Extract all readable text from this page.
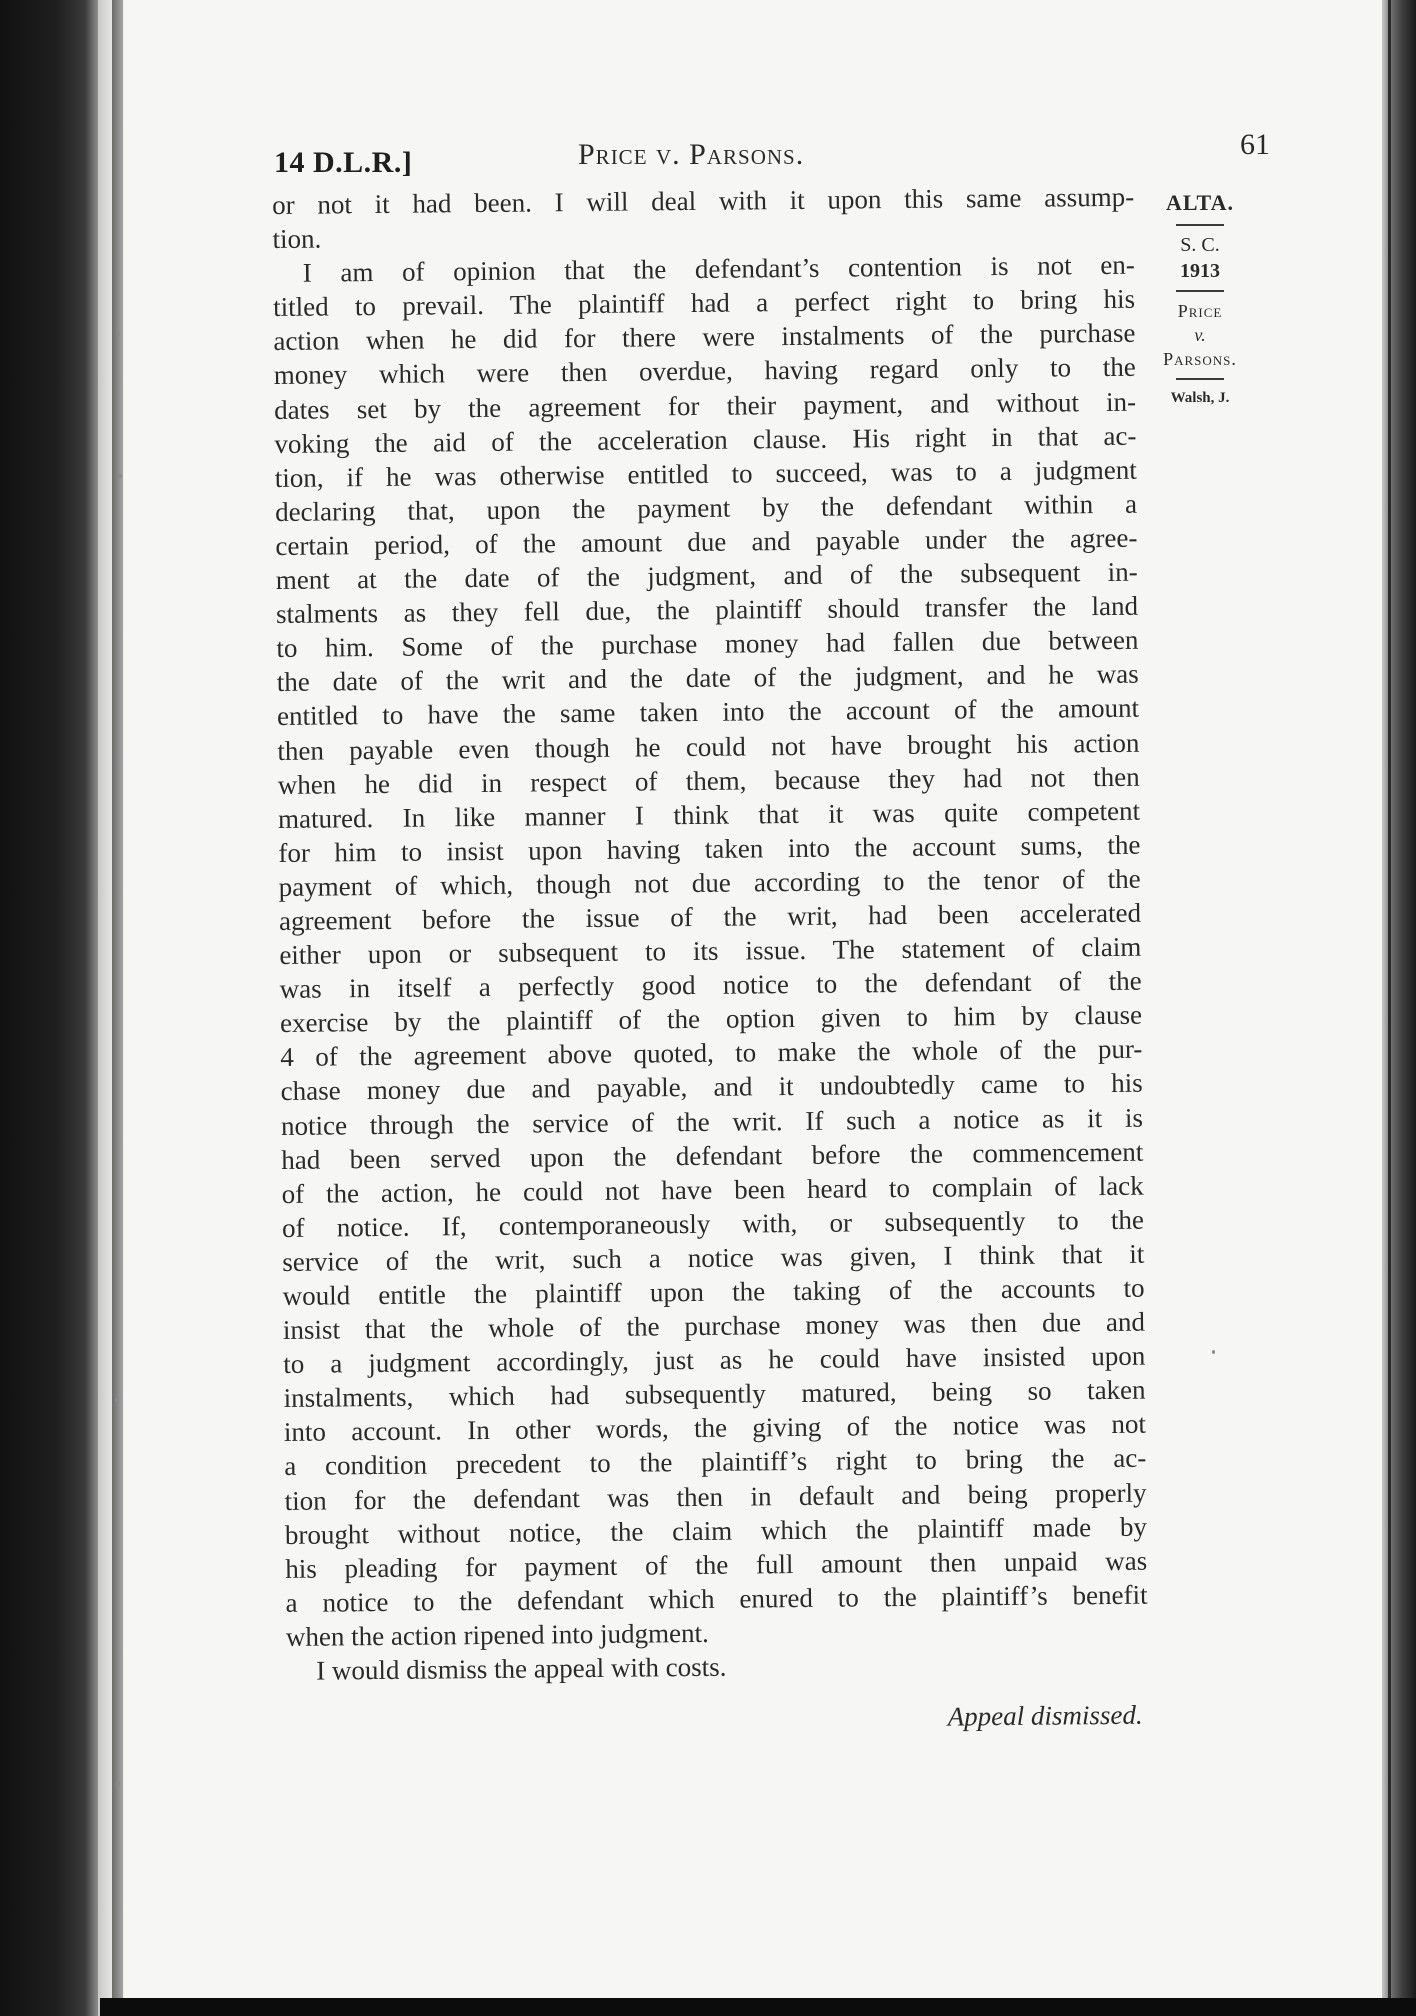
14 D.L.R.]	Price v. Parsons.	61
or not it had been. I will deal with it upon this same assump-
tion.
I am of opinion that the defendant’s contention is not en-
titled to prevail. The plaintiff had a perfect right to bring his
action when he did for there were instalments of the purchase
money which were then overdue, having regard only to the
dates set by the agreement for their payment, and without in-
voking the aid of the acceleration clause. His right in that ac-
tion, if he was otherwise entitled to succeed, was to a judgment
declaring that, upon the payment by the defendant within a
certain period, of the amount due and payable under the agree-
ment at the date of the judgment, and of the subsequent in-
stalments as they fell due, the plaintiff should transfer the land
to him. Some of the purchase money had fallen due between
the date of the writ and the date of the judgment, and he was
entitled to have the same taken into the account of the amount
then payable even though he could not have brought his action
when he did in respect of them, because they had not then
matured. In like manner I think that it was quite competent
for him to insist upon having taken into the account sums, the
payment of which, though not due according to the tenor of the
agreement before the issue of the writ, had been accelerated
either upon or subsequent to its issue. The statement of claim
was in itself a perfectly good notice to the defendant of the
exercise by the plaintiff of the option given to him by clause
4 of the agreement above quoted, to make the whole of the pur-
chase money due and payable, and it undoubtedly came to his
notice through the service of the writ. If such a notice as it is
had been served upon the defendant before the commencement
of the action, he could not have been heard to complain of lack
of notice. If, contemporaneously with, or subsequently to the
service of the writ, such a notice was given, I think that it
would entitle the plaintiff upon the taking of the accounts to
insist that the whole of the purchase money was then due and
to a judgment accordingly, just as he could have insisted upon
instalments, which had subsequently matured, being so taken
into account. In other words, the giving of the notice was not
a condition precedent to the plaintiff’s right to bring the ac-
tion for the defendant was then in default and being properly
brought without notice, the claim which the plaintiff made by
his pleading for payment of the full amount then unpaid was
a notice to the defendant which enured to the plaintiff’s benefit
when the action ripened into judgment.
I would dismiss the appeal with costs.
Appeal dismissed.
ALTA.
S. C.
1913
Price
v.
Parsons.
Walsh, J.
